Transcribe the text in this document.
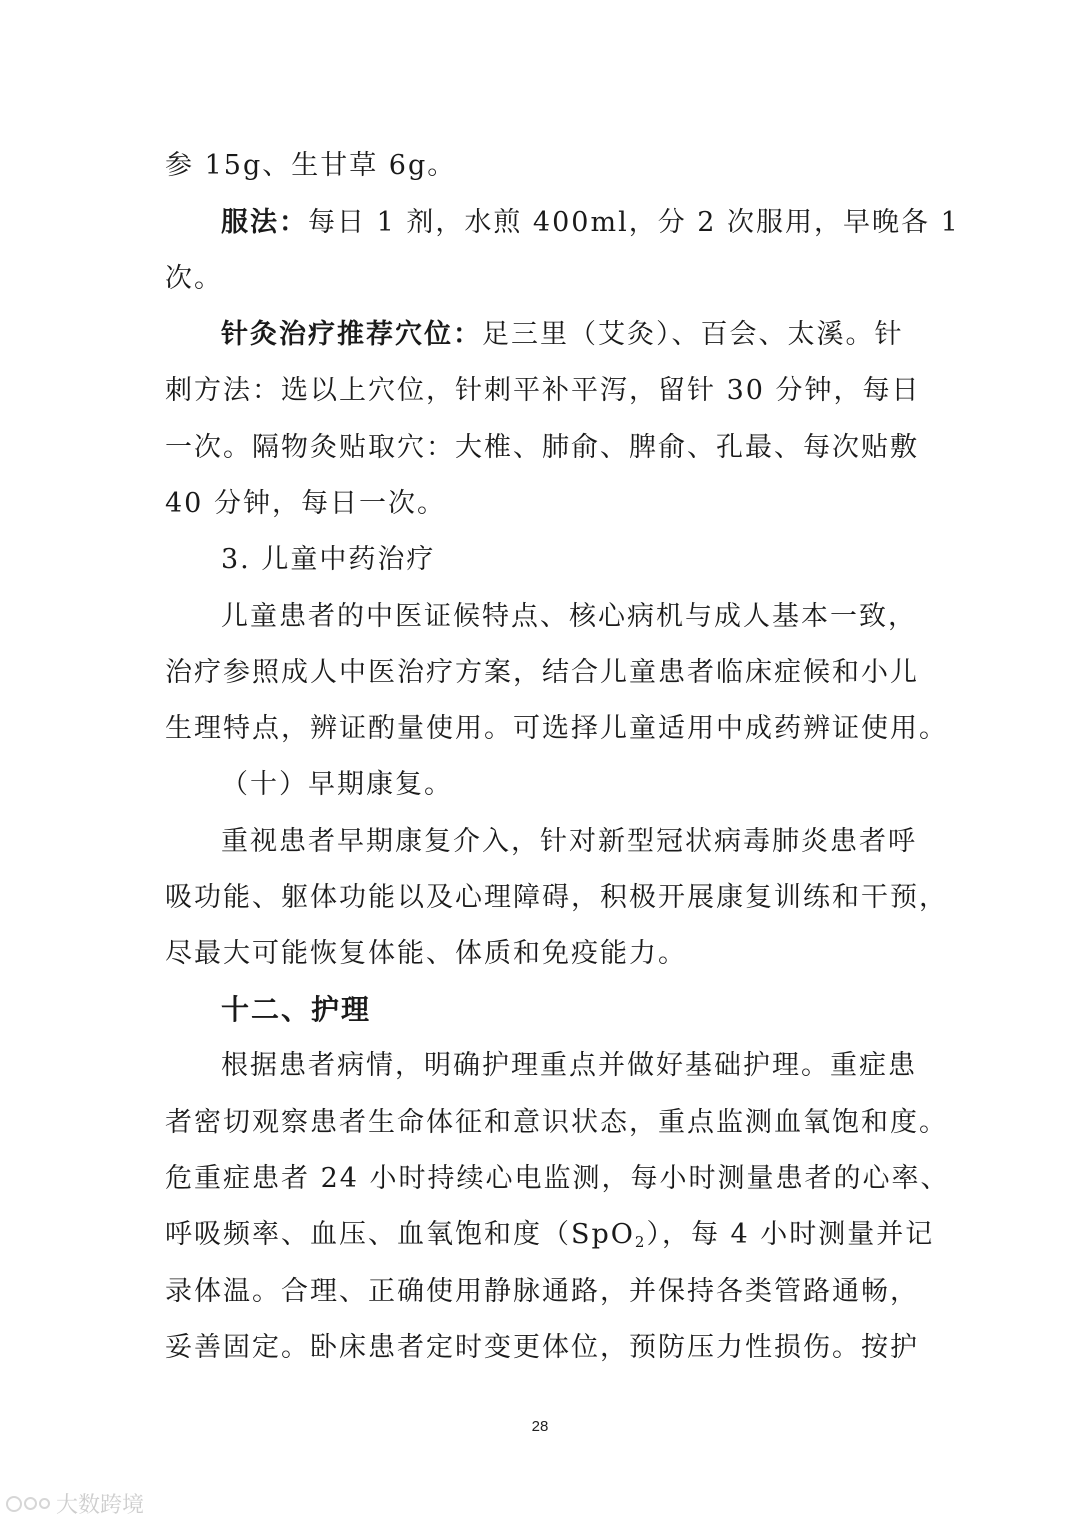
参 15g、生甘草 6g。
服法：每日 1 剂，水煎 400ml，分 2 次服用，早晚各 1
次。
针灸治疗推荐穴位：足三里（艾灸）、百会、太溪。针
刺方法：选以上穴位，针刺平补平泻，留针 30 分钟，每日
一次。隔物灸贴取穴：大椎、肺俞、脾俞、孔最、每次贴敷
40 分钟，每日一次。
3. 儿童中药治疗
儿童患者的中医证候特点、核心病机与成人基本一致，
治疗参照成人中医治疗方案，结合儿童患者临床症候和小儿
生理特点，辨证酌量使用。可选择儿童适用中成药辨证使用。
（十）早期康复。
重视患者早期康复介入，针对新型冠状病毒肺炎患者呼
吸功能、躯体功能以及心理障碍，积极开展康复训练和干预，
尽最大可能恢复体能、体质和免疫能力。
十二、护理
根据患者病情，明确护理重点并做好基础护理。重症患
者密切观察患者生命体征和意识状态，重点监测血氧饱和度。
危重症患者 24 小时持续心电监测，每小时测量患者的心率、
呼吸频率、血压、血氧饱和度（SpO$_2$），每 4 小时测量并记
录体温。合理、正确使用静脉通路，并保持各类管路通畅，
妥善固定。卧床患者定时变更体位，预防压力性损伤。按护
28
大数跨境
